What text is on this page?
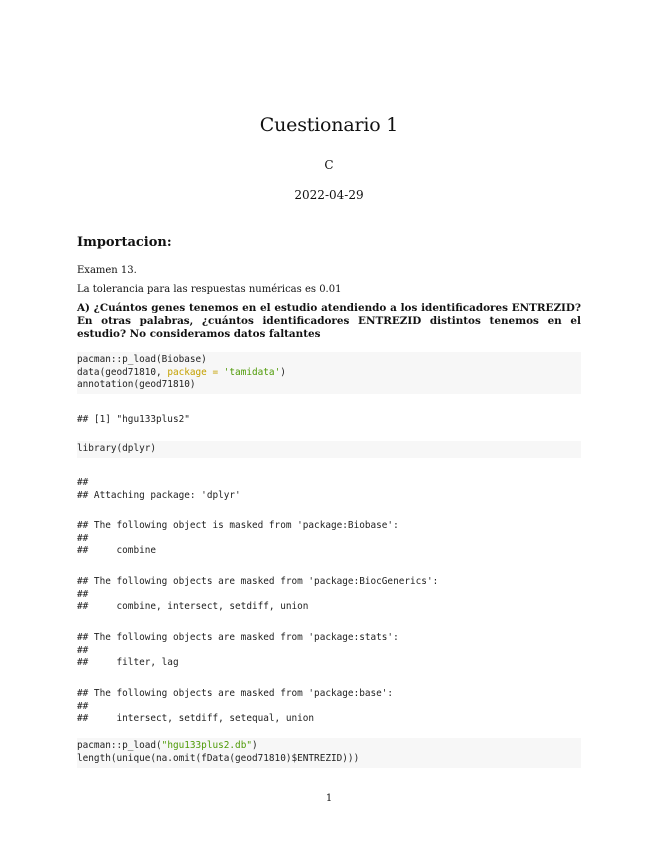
Cuestionario 1

C

2022-04-29

Importacion:

Examen 13.

La tolerancia para las respuestas numéricas es 0.01

A) ¿Cuántos genes tenemos en el estudio atendiendo a los identificadores ENTREZID? En otras palabras, ¿cuántos identificadores ENTREZID distintos tenemos en el estudio? No consideramos datos faltantes

pacman::p_load(Biobase)
data(geod71810, package = 'tamidata')
annotation(geod71810)
## [1] "hgu133plus2"
library(dplyr)
##
## Attaching package: 'dplyr'
## The following object is masked from 'package:Biobase':
##
##     combine
## The following objects are masked from 'package:BiocGenerics':
##
##     combine, intersect, setdiff, union
## The following objects are masked from 'package:stats':
##
##     filter, lag
## The following objects are masked from 'package:base':
##
##     intersect, setdiff, setequal, union
pacman::p_load("hgu133plus2.db")
length(unique(na.omit(fData(geod71810)$ENTREZID)))

1
